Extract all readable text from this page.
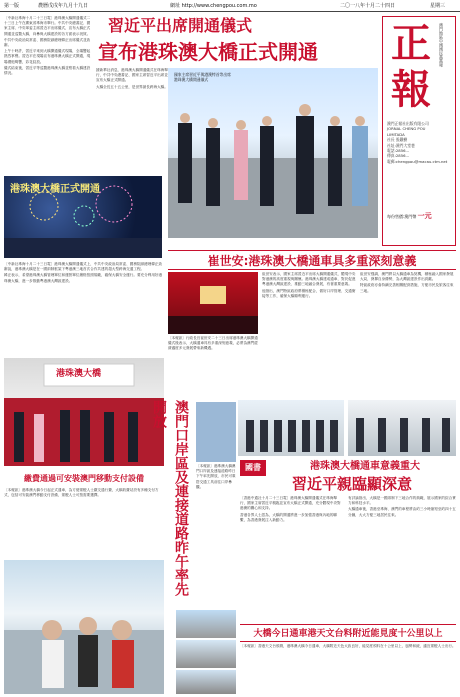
第一版	農曆戊戌年九月十九日	網址 http://www.chengpou.com.mo	二〇一八年十月二十四日	星期三

〔中新社珠海十月二十三日電〕港珠澳大橋開通儀式二十三日上午在廣東省珠海市舉行。中共中央總書記、國家主席、中央軍委主席習近平出席儀式，宣布大橋正式開通並巡覽大橋，向參與大橋建設的各方面表示祝賀。

中共中央政治局常委、國務院副總理韓正出席儀式並致辭。

上午十時許，習近平來到大橋開通儀式現場，全場響起熱烈掌聲。習近平在現場宣布港珠澳大橋正式開通，現場禮炮鳴響，彩花綻放。

儀式結束後，習近平等巡覽港珠澳大橋並察看大橋建設情況。

習近平出席開通儀式
宣布港珠澳大橋正式開通

據新華社消息，港珠澳大橋開通儀式在珠海舉行，中共中央總書記、國家主席習近平出席並宣布大橋正式開通。

大橋全長五十五公里，是世界最長跨海大橋。

國家主席習近平與港澳特首等出席港珠澳大橋開通儀式
正報
澳門地區中國國民黨黨報
澳門正報社出版有限公司
JORNAL CHENG POU
LIMITADA
社長 張鐵樹
社址:澳門大堂巷
電話:2856...
傳真:2856...
電郵:chengpou@macau.ctm.net
每份售價:澳門幣 一元
港珠澳大橋正式開通

〔中新社珠海十月二十三日電〕港珠澳大橋開通儀式上，中共中央政治局常委、國務院副總理韓正致辭說，港珠澳大橋是在一國兩制框架下粵港澳三地首次合作共建的超大型跨海交通工程。

韓正表示，希望港珠澳大橋管理單位和運營單位嚴格按照規範，確保大橋安全運行。要充分利用好港珠澳大橋，進一步推動粵港澳大灣區建設。

崔世安:港珠澳大橋通車具多重深刻意義

〔本報訊〕行政長官崔世安二十三日出席港珠澳大橋開通儀式後表示，大橋通車具有多重深刻意義，必將為澳門經濟適度多元發展帶來新機遇。

崔世安表示，國家主席習近平出席大橋開通儀式，體現中央對港澳的高度重視與關懷。港珠澳大橋建成通車，對於促進粵港澳大灣區建設、推動三地融合發展，有著重要意義。

他指出，澳門特區政府將積極配合，做好口岸管理、交通銜接等工作，確保大橋順利運行。

崔世安強調，澳門將以大橋通車為契機，積極融入國家發展大局，發揮自身優勢，為大灣區建設作出貢獻。

特區政府亦會持續完善相關配套措施，方便市民及旅客往來三地。

港珠澳大橋
澳門口岸區及連接道路昨午率先開放

〔本報訊〕港珠澳大橋澳門口岸區及連接道路昨日下午率先開放，市民可乘搭交通工具前往口岸參觀。

國書	港珠澳大橋通車意義重大
習近平親臨顯深意

〔香港中通社十月二十三日電〕港珠澳大橋開通儀式在珠海舉行，國家主席習近平親臨並宣布大橋正式開通，充分體現中央對港澳的關心和支持。

香港各界人士認為，大橋的開通將進一步加強香港與內地的聯繫，為香港發展注入新動力。

有評論指出，大橋是一國兩制下三地合作的典範，展示國家的綜合實力和科技水平。

大橋通車後，香港至珠海、澳門的車程將由約三小時縮短至約四十五分鐘，大大方便三地居民往來。

繳費通過可安裝澳門移動支付設備

〔本報訊〕港珠澳大橋今日起正式通車，為方便駕駛人士繳交通行費，大橋收費站設有多種支付方式，包括可安裝澳門移動支付設備，駕駛人士可按需要選擇。

大橋今日通車港天文台料附近能見度十公里以上

〔本報訊〕香港天文台預測，港珠澳大橋今日通車，大橋附近天色大致良好，能見度預料在十公里以上，風勢和緩，適宜駕駛人士出行。
